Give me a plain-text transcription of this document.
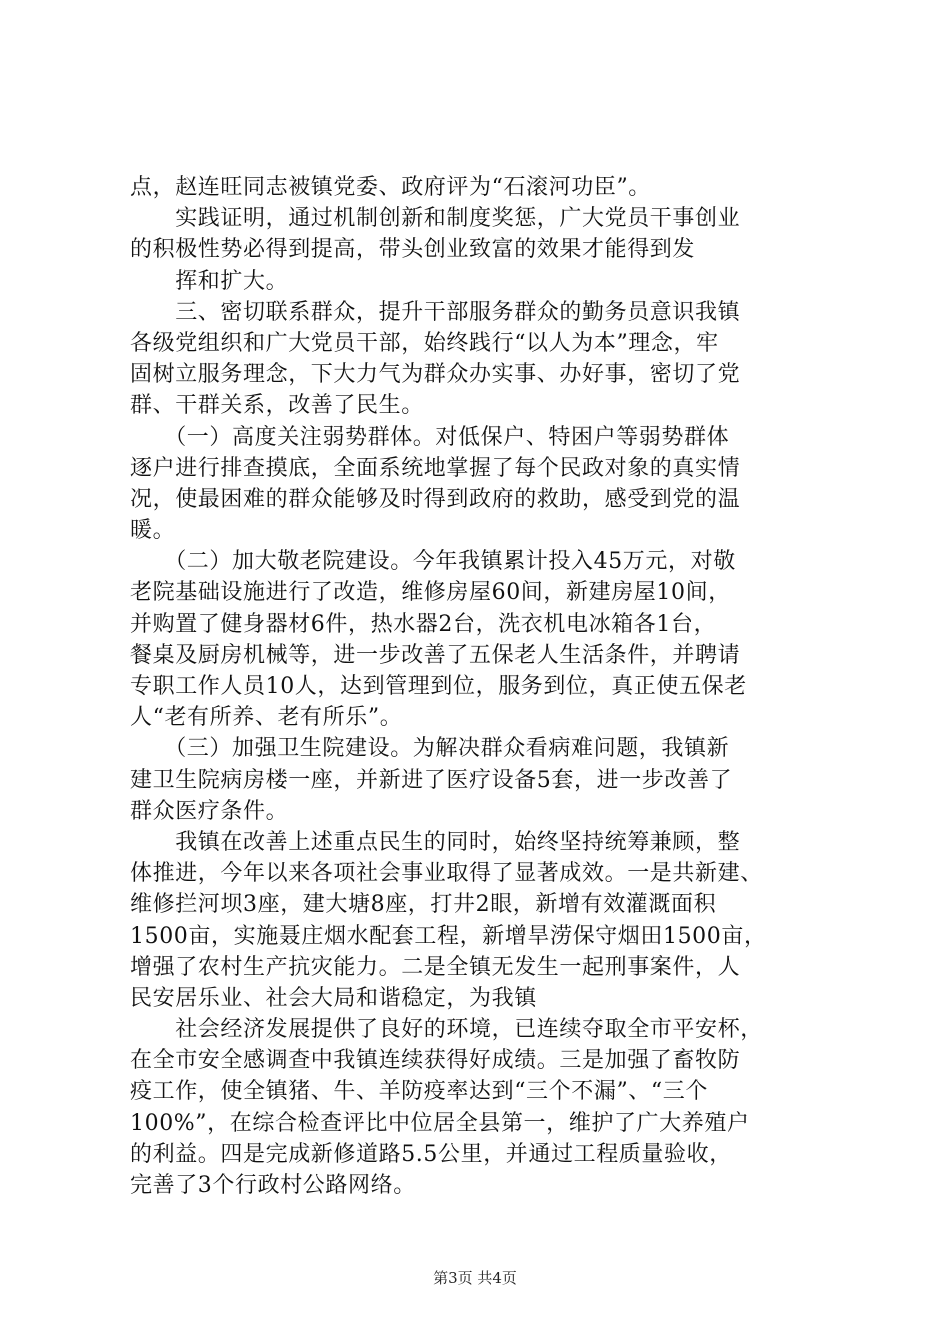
点，赵连旺同志被镇党委、政府评为“石滚河功臣”。
　　实践证明，通过机制创新和制度奖惩，广大党员干事创业
的积极性势必得到提高，带头创业致富的效果才能得到发
　　挥和扩大。
　　三、密切联系群众，提升干部服务群众的勤务员意识我镇
各级党组织和广大党员干部，始终践行“以人为本”理念，牢
固树立服务理念，下大力气为群众办实事、办好事，密切了党
群、干群关系，改善了民生。
　　（一）高度关注弱势群体。对低保户、特困户等弱势群体
逐户进行排查摸底，全面系统地掌握了每个民政对象的真实情
况，使最困难的群众能够及时得到政府的救助，感受到党的温
暖。
　　（二）加大敬老院建设。今年我镇累计投入45万元，对敬
老院基础设施进行了改造，维修房屋60间，新建房屋10间，
并购置了健身器材6件，热水器2台，洗衣机电冰箱各1台，
餐桌及厨房机械等，进一步改善了五保老人生活条件，并聘请
专职工作人员10人，达到管理到位，服务到位，真正使五保老
人“老有所养、老有所乐”。
　　（三）加强卫生院建设。为解决群众看病难问题，我镇新
建卫生院病房楼一座，并新进了医疗设备5套，进一步改善了
群众医疗条件。
　　我镇在改善上述重点民生的同时，始终坚持统筹兼顾，整
体推进，今年以来各项社会事业取得了显著成效。一是共新建、
维修拦河坝3座，建大塘8座，打井2眼，新增有效灌溉面积
1500亩，实施聂庄烟水配套工程，新增旱涝保守烟田1500亩，
增强了农村生产抗灾能力。二是全镇无发生一起刑事案件，人
民安居乐业、社会大局和谐稳定，为我镇
　　社会经济发展提供了良好的环境，已连续夺取全市平安杯，
在全市安全感调查中我镇连续获得好成绩。三是加强了畜牧防
疫工作，使全镇猪、牛、羊防疫率达到“三个不漏”、“三个
100%”，在综合检查评比中位居全县第一，维护了广大养殖户
的利益。四是完成新修道路5.5公里，并通过工程质量验收，
完善了3个行政村公路网络。
第3页 共4页
